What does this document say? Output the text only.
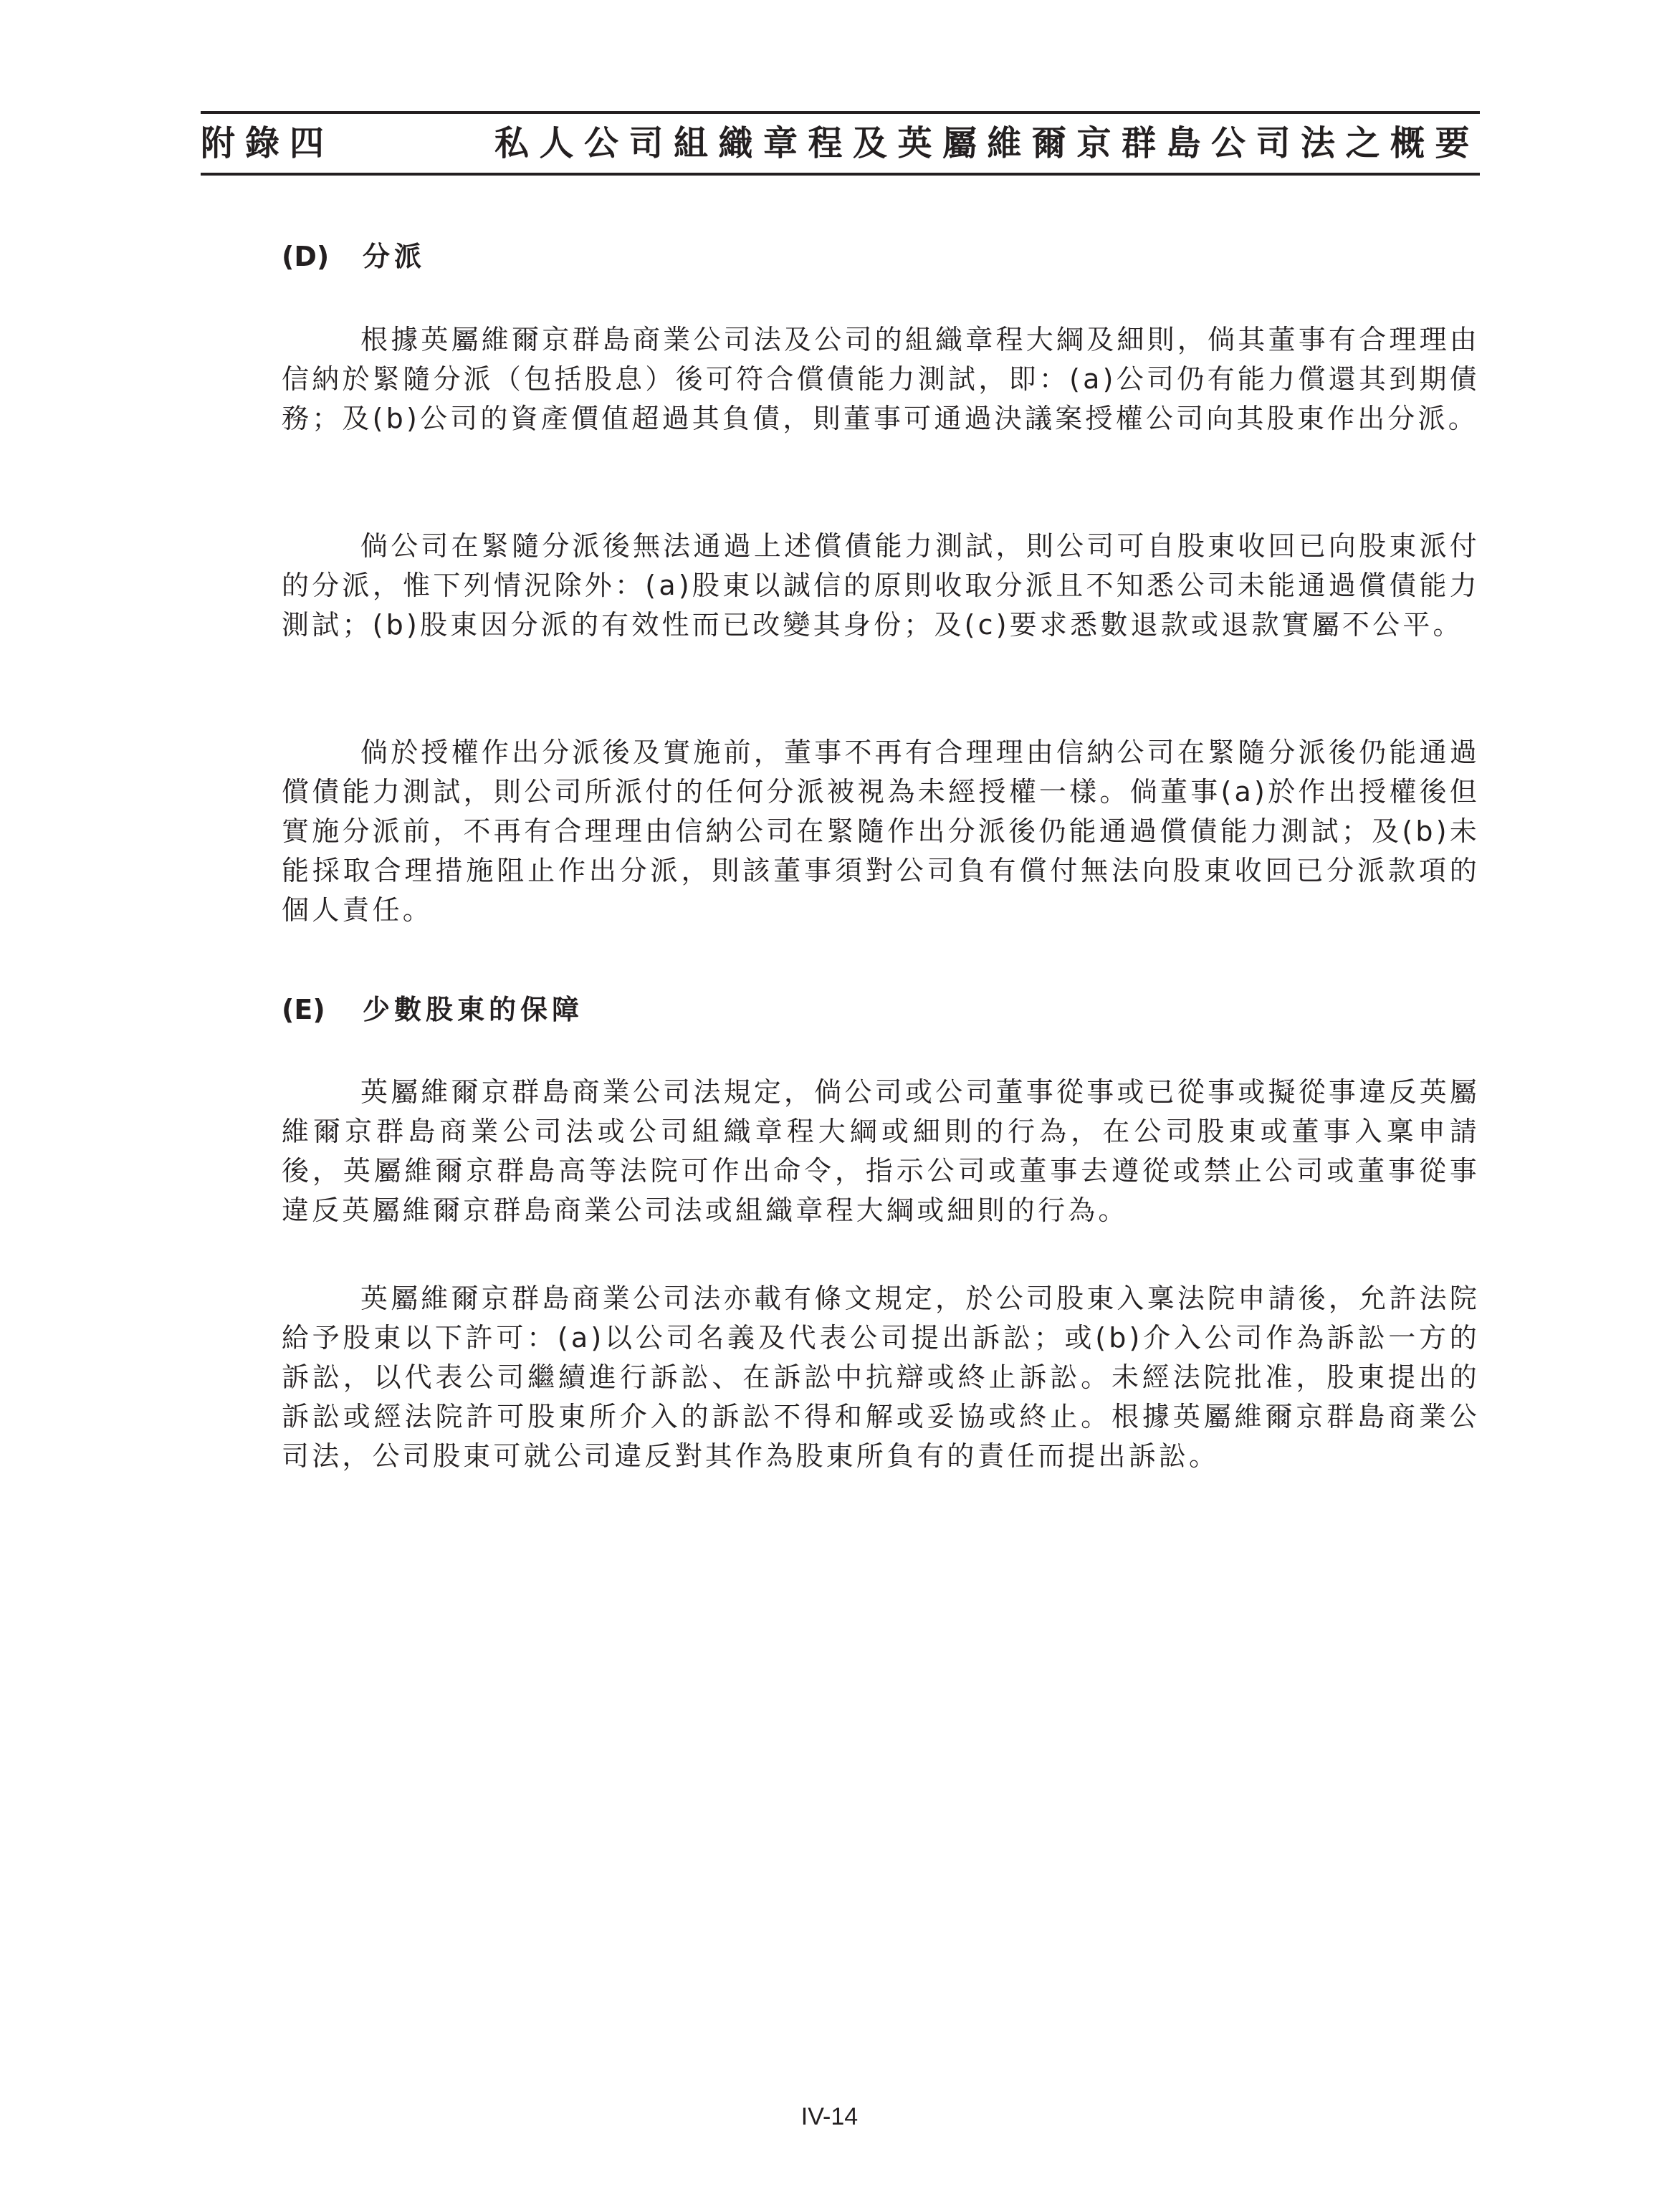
附錄四	私人公司組織章程及英屬維爾京群島公司法之概要
(D) 分派

根據英屬維爾京群島商業公司法及公司的組織章程大綱及細則，倘其董事有合理理由信納於緊隨分派（包括股息）後可符合償債能力測試，即：(a)公司仍有能力償還其到期債務；及(b)公司的資產價值超過其負債，則董事可通過決議案授權公司向其股東作出分派。

倘公司在緊隨分派後無法通過上述償債能力測試，則公司可自股東收回已向股東派付的分派，惟下列情況除外：(a)股東以誠信的原則收取分派且不知悉公司未能通過償債能力測試；(b)股東因分派的有效性而已改變其身份；及(c)要求悉數退款或退款實屬不公平。

倘於授權作出分派後及實施前，董事不再有合理理由信納公司在緊隨分派後仍能通過償債能力測試，則公司所派付的任何分派被視為未經授權一樣。倘董事(a)於作出授權後但實施分派前，不再有合理理由信納公司在緊隨作出分派後仍能通過償債能力測試；及(b)未能採取合理措施阻止作出分派，則該董事須對公司負有償付無法向股東收回已分派款項的個人責任。

(E) 少數股東的保障

英屬維爾京群島商業公司法規定，倘公司或公司董事從事或已從事或擬從事違反英屬維爾京群島商業公司法或公司組織章程大綱或細則的行為，在公司股東或董事入稟申請後，英屬維爾京群島高等法院可作出命令，指示公司或董事去遵從或禁止公司或董事從事違反英屬維爾京群島商業公司法或組織章程大綱或細則的行為。

英屬維爾京群島商業公司法亦載有條文規定，於公司股東入稟法院申請後，允許法院給予股東以下許可：(a)以公司名義及代表公司提出訴訟；或(b)介入公司作為訴訟一方的訴訟，以代表公司繼續進行訴訟、在訴訟中抗辯或終止訴訟。未經法院批准，股東提出的訴訟或經法院許可股東所介入的訴訟不得和解或妥協或終止。根據英屬維爾京群島商業公司法，公司股東可就公司違反對其作為股東所負有的責任而提出訴訟。

IV-14
